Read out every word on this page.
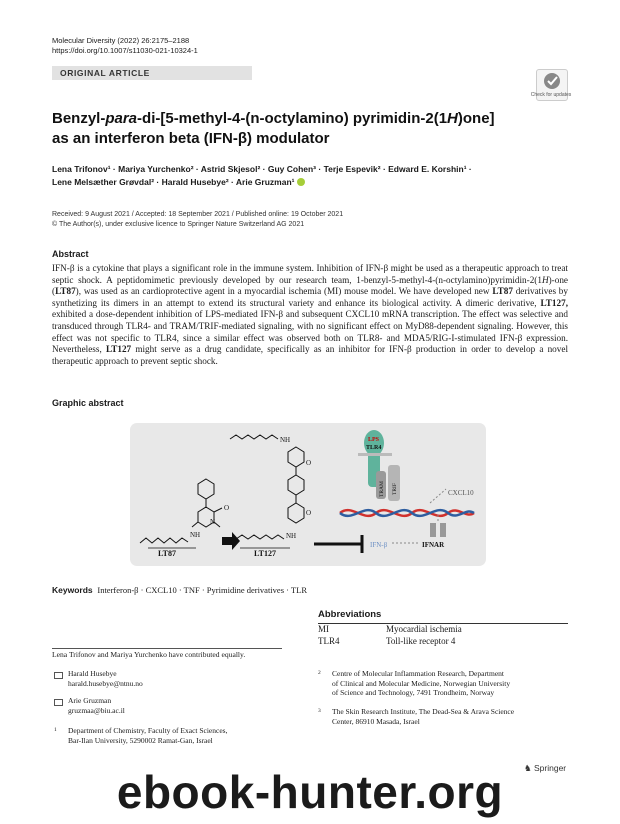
Molecular Diversity (2022) 26:2175–2188
https://doi.org/10.1007/s11030-021-10324-1
ORIGINAL ARTICLE
Check for updates
Benzyl-para-di-[5-methyl-4-(n-octylamino) pyrimidin-2(1H)one]
as an interferon beta (IFN-β) modulator
Lena Trifonov¹ · Mariya Yurchenko² · Astrid Skjesol² · Guy Cohen³ · Terje Espevik² · Edward E. Korshin¹ ·
Lene Melsæther Grøvdal² · Harald Husebye² · Arie Gruzman¹
Received: 9 August 2021 / Accepted: 18 September 2021 / Published online: 19 October 2021
© The Author(s), under exclusive licence to Springer Nature Switzerland AG 2021
Abstract
IFN-β is a cytokine that plays a significant role in the immune system. Inhibition of IFN-β might be used as a therapeutic approach to treat septic shock. A peptidomimetic previously developed by our research team, 1-benzyl-5-methyl-4-(n-octylamino)pyrimidin-2(1H)-one (LT87), was used as an cardioprotective agent in a myocardial ischemia (MI) mouse model. We have developed new LT87 derivatives by synthetizing its dimers in an attempt to extend its structural variety and enhance its biological activity. A dimeric derivative, LT127, exhibited a dose-dependent inhibition of LPS-mediated IFN-β and subsequent CXCL10 mRNA transcription. The effect was selective and transduced through TLR4- and TRAM/TRIF-mediated signaling, with no significant effect on MyD88-dependent signaling. However, this effect was not specific to TLR4, since a similar effect was observed both on TLR8- and MDA5/RIG-I-stimulated IFN-β expression. Nevertheless, LT127 might serve as a drug candidate, specifically as an inhibitor for IFN-β production in order to develop a novel therapeutic approach to prevent septic shock.
Graphic abstract
O
N
NH
LT87
NH
O
O
NH
LT127
LPS
TLR4
TRAM TRIF	CXCL10
IFN-β	IFNAR
Keywords Interferon-β · CXCL10 · TNF · Pyrimidine derivatives · TLR
Abbreviations
MI	Myocardial ischemia
TLR4	Toll-like receptor 4
Lena Trifonov and Mariya Yurchenko have contributed equally.
Harald Husebye
harald.husebye@ntnu.no
Arie Gruzman
gruzmaa@biu.ac.il
1 Department of Chemistry, Faculty of Exact Sciences,
Bar-Ilan University, 5290002 Ramat-Gan, Israel
2 Centre of Molecular Inflammation Research, Department
of Clinical and Molecular Medicine, Norwegian University
of Science and Technology, 7491 Trondheim, Norway
3 The Skin Research Institute, The Dead-Sea & Arava Science
Center, 86910 Masada, Israel
♞ Springer
ebook-hunter.org
